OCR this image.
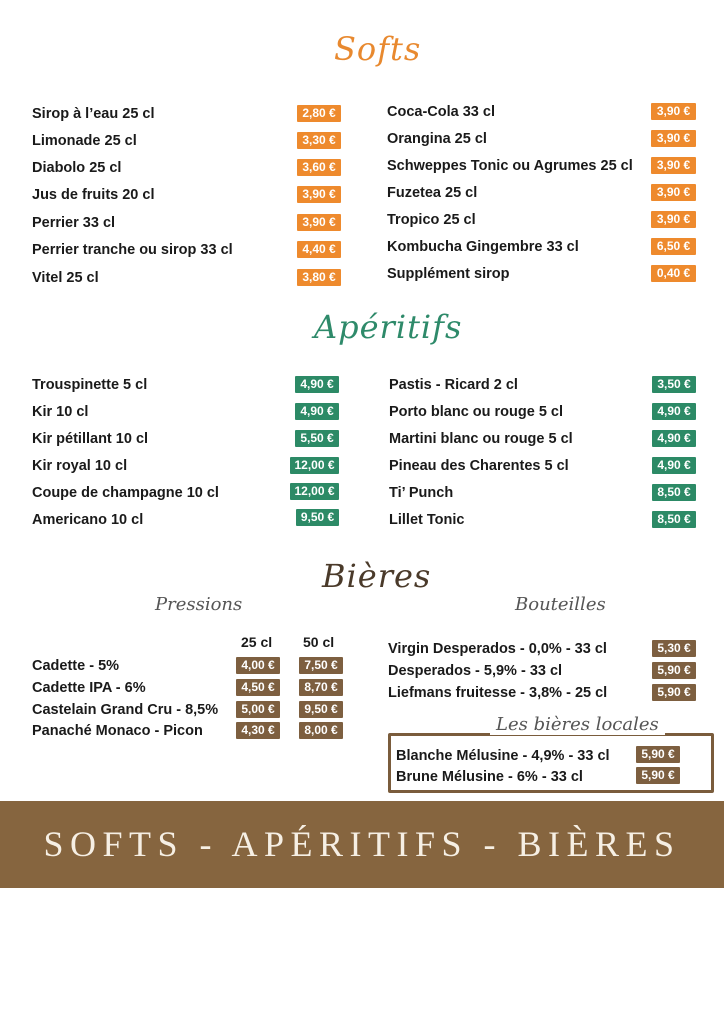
Softs
Apéritifs
Bières
Sirop à l’eau 25 cl	2,80 €
Limonade 25 cl	3,30 €
Diabolo 25 cl	3,60 €
Jus de fruits 20 cl	3,90 €
Perrier 33 cl	3,90 €
Perrier tranche ou sirop 33 cl	4,40 €
Vitel 25 cl	3,80 €
Coca-Cola 33 cl	3,90 €
Orangina 25 cl	3,90 €
Schweppes Tonic ou Agrumes 25 cl	3,90 €
Fuzetea 25 cl	3,90 €
Tropico 25 cl	3,90 €
Kombucha Gingembre 33 cl	6,50 €
Supplément sirop	0,40 €
Trouspinette 5 cl	4,90 €
Kir 10 cl	4,90 €
Kir pétillant 10 cl	5,50 €
Kir royal 10 cl	12,00 €
Coupe de champagne 10 cl	12,00 €
Americano 10 cl	9,50 €
Pastis - Ricard 2 cl	3,50 €
Porto blanc ou rouge 5 cl	4,90 €
Martini blanc ou rouge 5 cl	4,90 €
Pineau des Charentes 5 cl	4,90 €
Ti’ Punch	8,50 €
Lillet Tonic	8,50 €
Pressions
25 cl 50 cl
Cadette - 5%	4,00 €	7,50 €
Cadette IPA - 6%	4,50 €	8,70 €
Castelain Grand Cru - 8,5%	5,00 €	9,50 €
Panaché Monaco - Picon	4,30 €	8,00 €
Bouteilles
Virgin Desperados - 0,0% - 33 cl	5,30 €
Desperados - 5,9% - 33 cl	5,90 €
Liefmans fruitesse - 3,8% - 25 cl	5,90 €
Les bières locales
Blanche Mélusine - 4,9% - 33 cl	5,90 €
Brune Mélusine - 6% - 33 cl	5,90 €
SOFTS - APÉRITIFS - BIÈRES
